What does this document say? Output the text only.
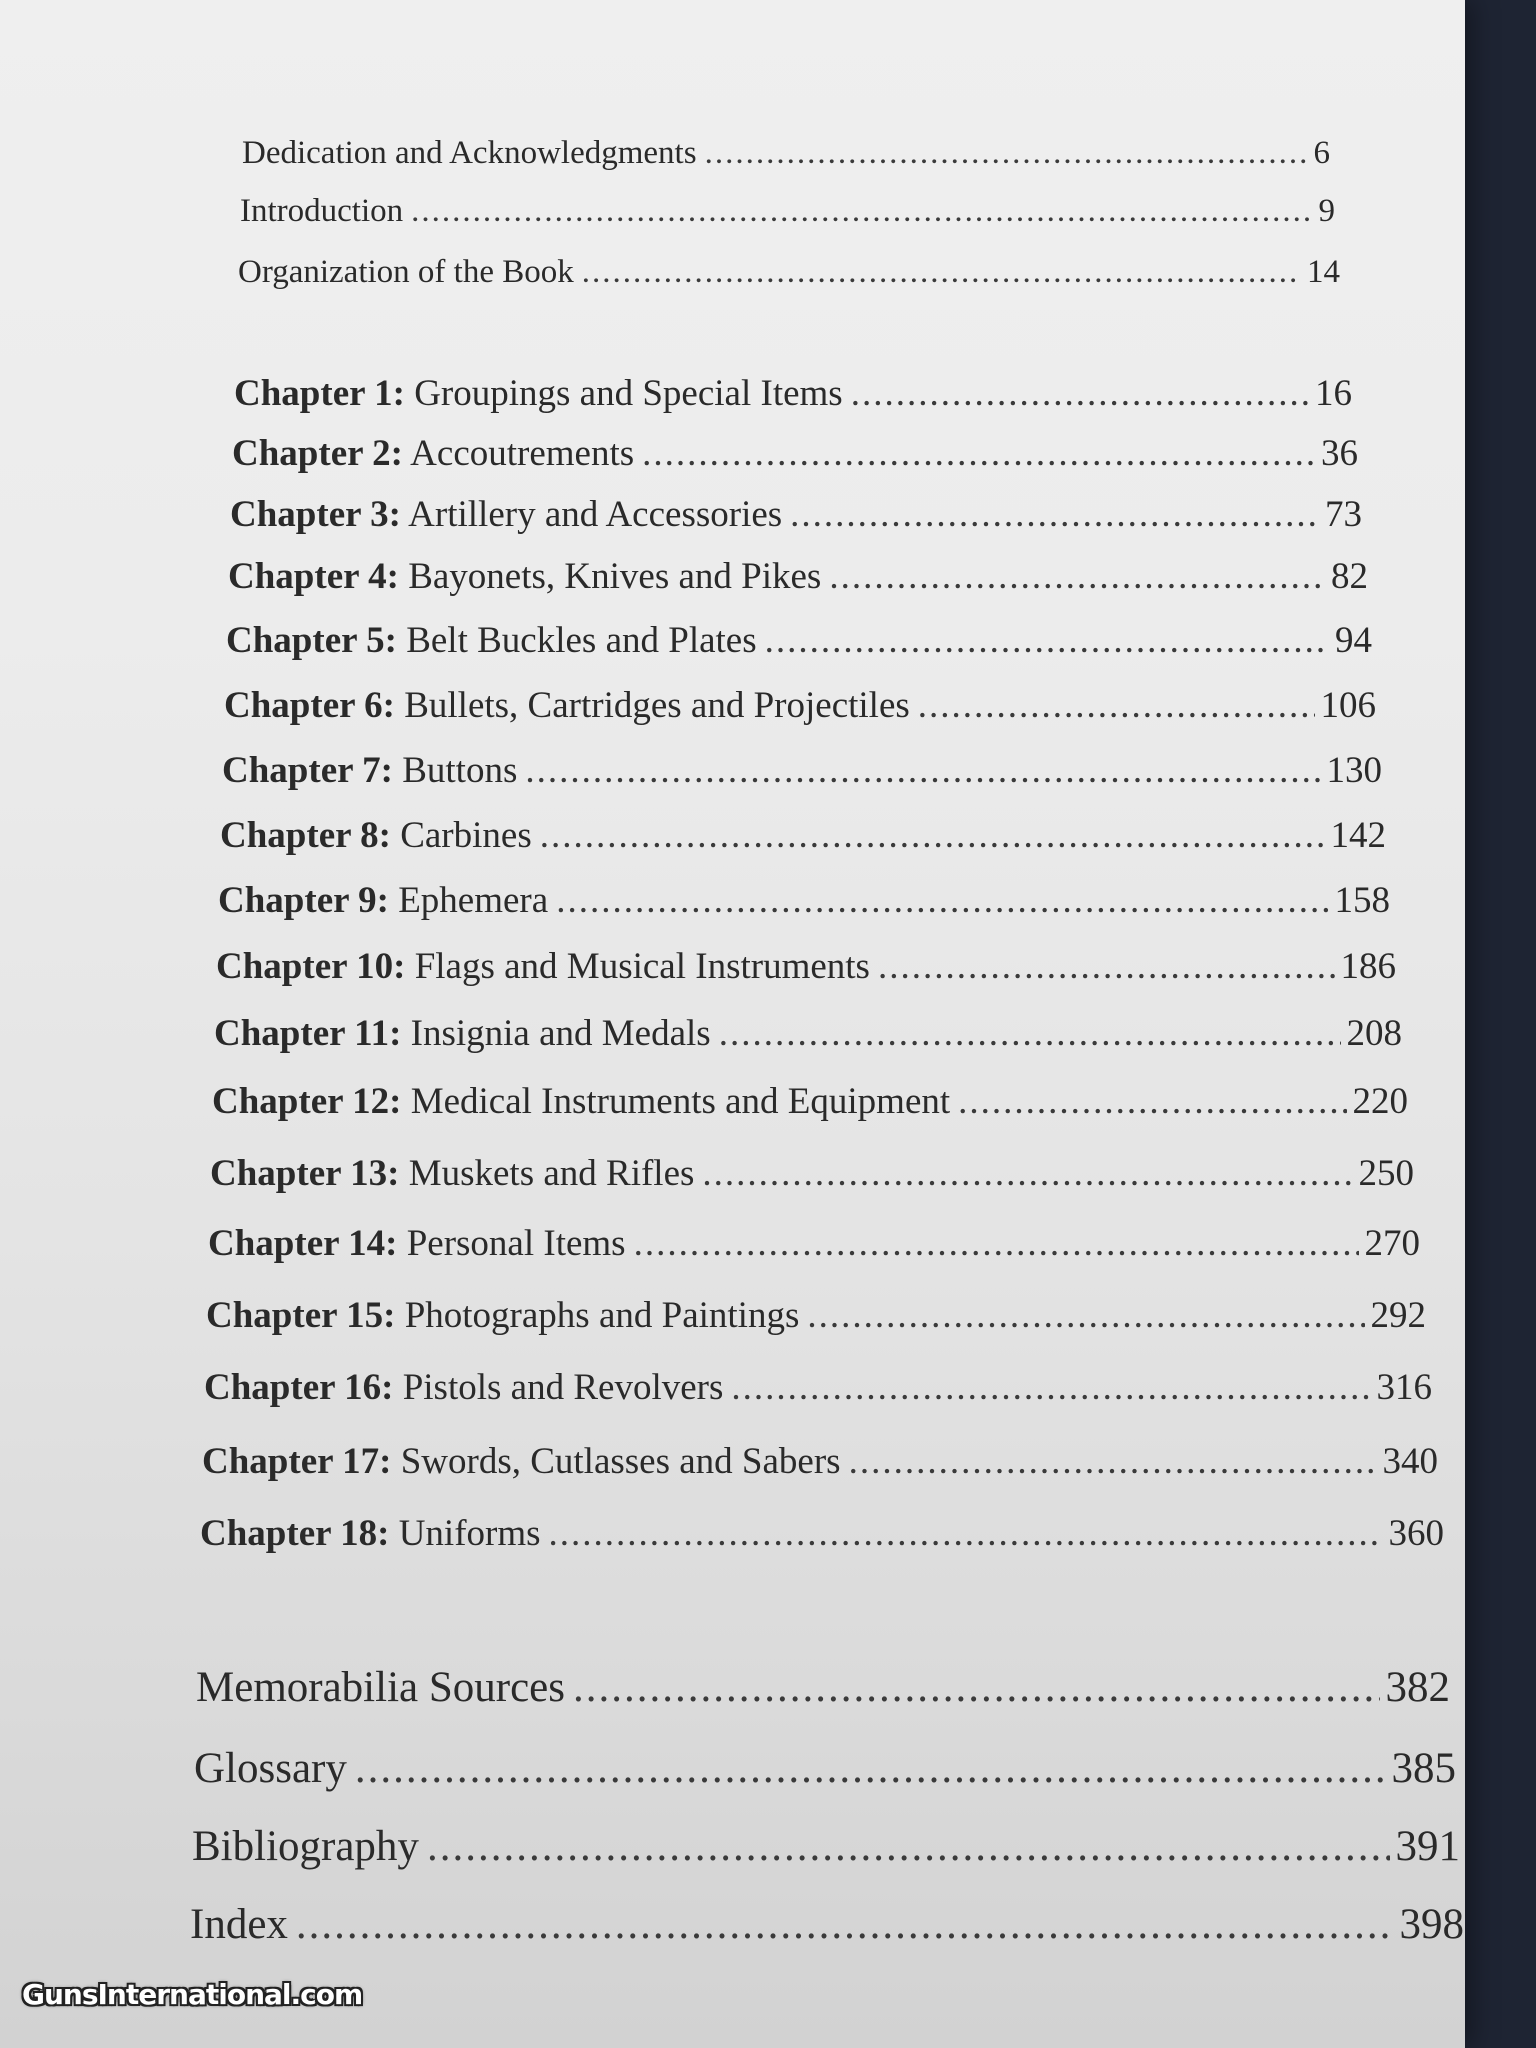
Dedication and Acknowledgments .....	6
Introduction .....	9
Organization of the Book .....	14
Chapter 1: Groupings and Special Items .....	16
Chapter 2: Accoutrements .....	36
Chapter 3: Artillery and Accessories .....	73
Chapter 4: Bayonets, Knives and Pikes .....	82
Chapter 5: Belt Buckles and Plates .....	94
Chapter 6: Bullets, Cartridges and Projectiles .....	106
Chapter 7: Buttons .....	130
Chapter 8: Carbines .....	142
Chapter 9: Ephemera .....	158
Chapter 10: Flags and Musical Instruments .....	186
Chapter 11: Insignia and Medals .....	208
Chapter 12: Medical Instruments and Equipment .....	220
Chapter 13: Muskets and Rifles .....	250
Chapter 14: Personal Items .....	270
Chapter 15: Photographs and Paintings .....	292
Chapter 16: Pistols and Revolvers .....	316
Chapter 17: Swords, Cutlasses and Sabers .....	340
Chapter 18: Uniforms .....	360
Memorabilia Sources .....	382
Glossary .....	385
Bibliography .....	391
Index .....	398
GunsInternational.com
